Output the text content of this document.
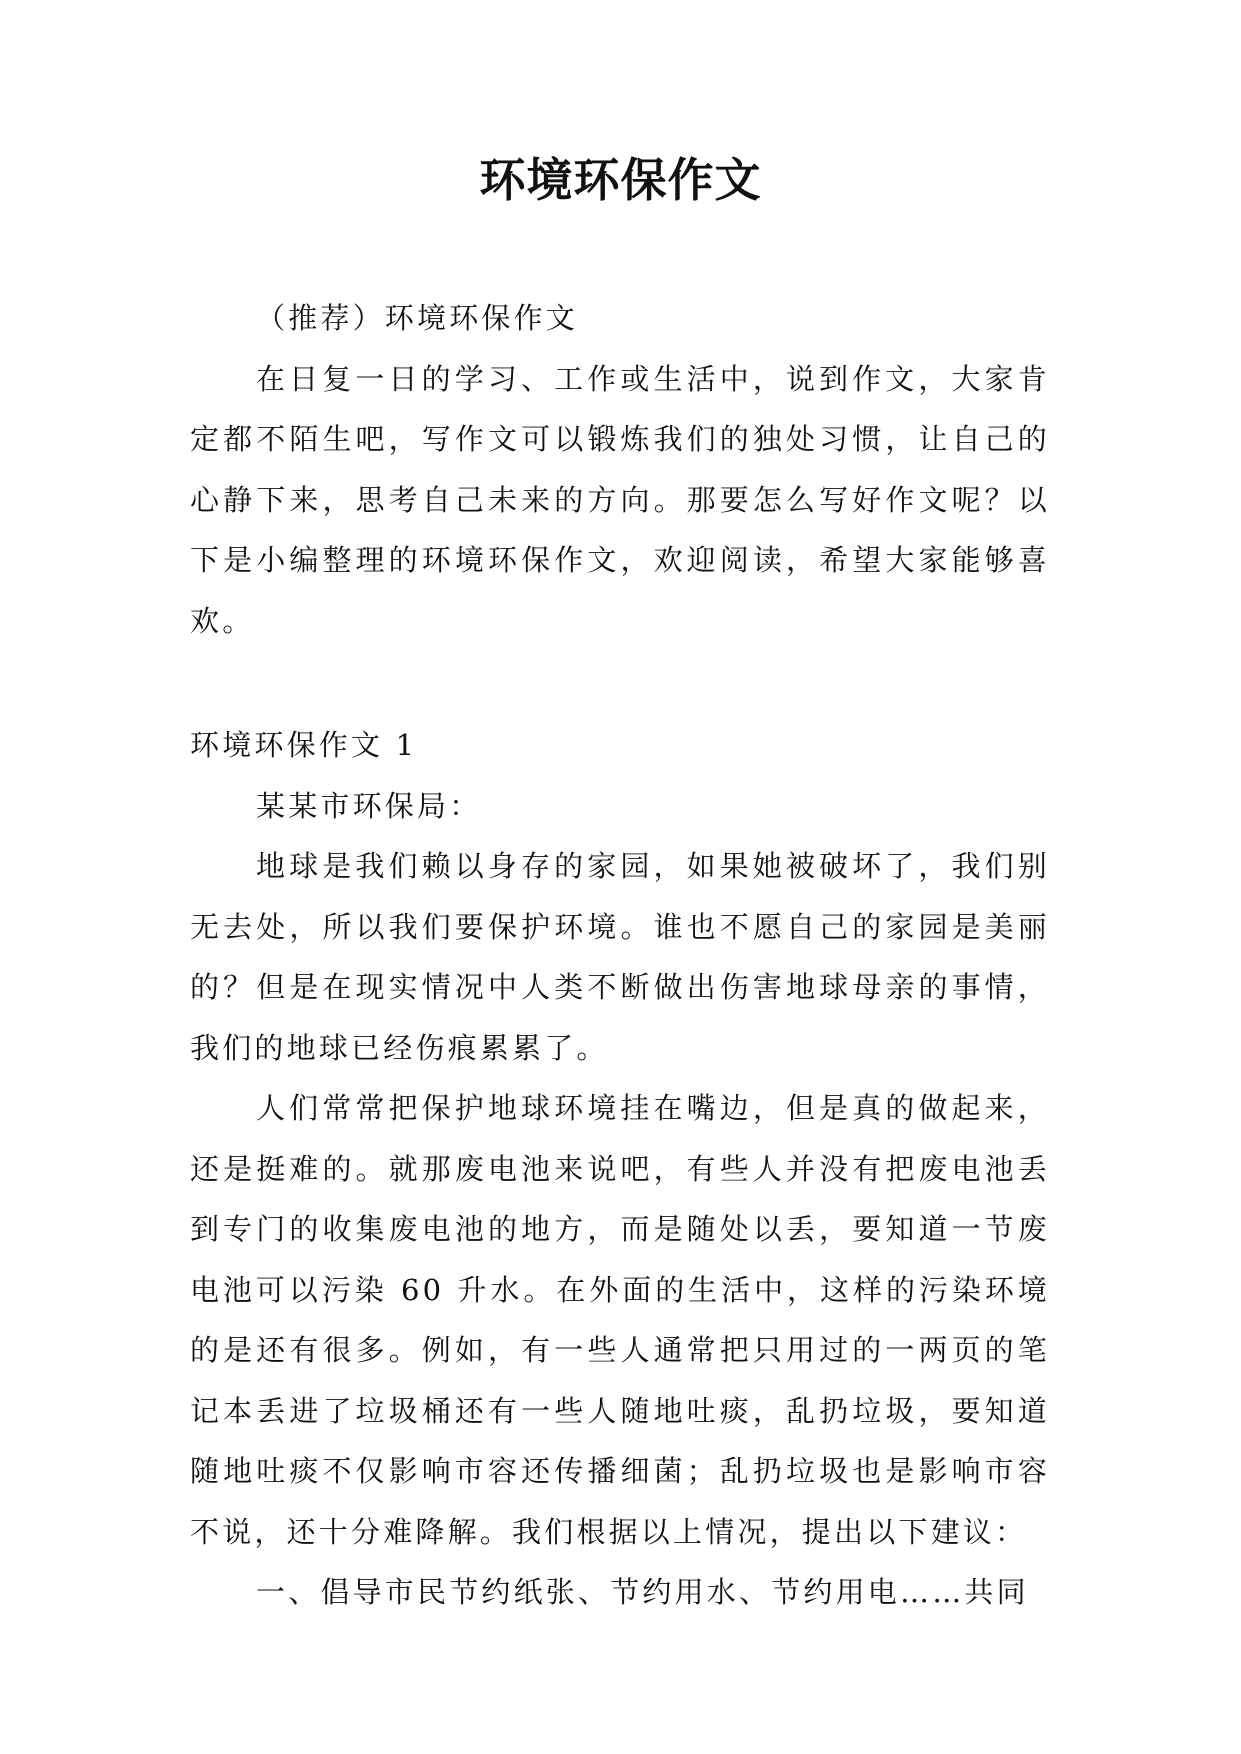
环境环保作文

（推荐）环境环保作文

在日复一日的学习、工作或生活中，说到作文，大家肯定都不陌生吧，写作文可以锻炼我们的独处习惯，让自己的心静下来，思考自己未来的方向。那要怎么写好作文呢？以下是小编整理的环境环保作文，欢迎阅读，希望大家能够喜欢。

环境环保作文 1

某某市环保局：

地球是我们赖以身存的家园，如果她被破坏了，我们别无去处，所以我们要保护环境。谁也不愿自己的家园是美丽的？但是在现实情况中人类不断做出伤害地球母亲的事情，我们的地球已经伤痕累累了。

人们常常把保护地球环境挂在嘴边，但是真的做起来，还是挺难的。就那废电池来说吧，有些人并没有把废电池丢到专门的收集废电池的地方，而是随处以丢，要知道一节废电池可以污染 60 升水。在外面的生活中，这样的污染环境的是还有很多。例如，有一些人通常把只用过的一两页的笔记本丢进了垃圾桶还有一些人随地吐痰，乱扔垃圾，要知道随地吐痰不仅影响市容还传播细菌；乱扔垃圾也是影响市容不说，还十分难降解。我们根据以上情况，提出以下建议：

一、倡导市民节约纸张、节约用水、节约用电……共同
